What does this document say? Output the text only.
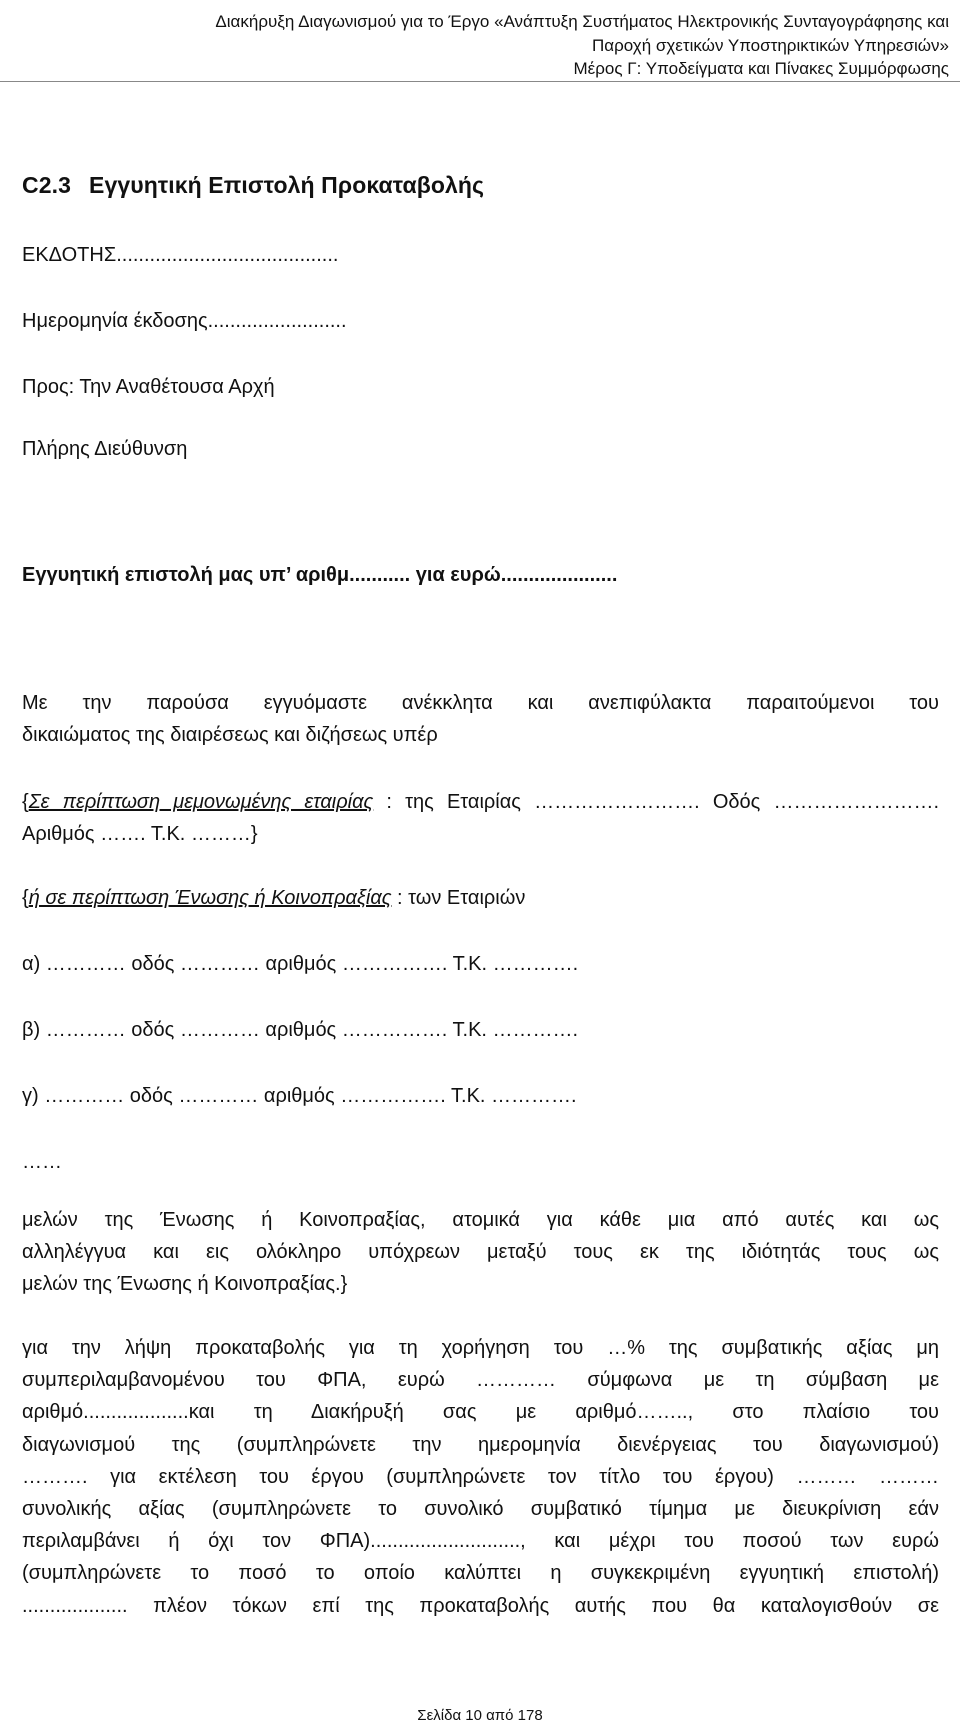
Διακήρυξη Διαγωνισμού για το Έργο «Ανάπτυξη Συστήματος Ηλεκτρονικής Συνταγογράφησης και
Παροχή σχετικών Υποστηρικτικών Υπηρεσιών»
Μέρος Γ: Υποδείγματα και Πίνακες Συμμόρφωσης
C2.3 Εγγυητική Επιστολή Προκαταβολής
ΕΚΔΟΤΗΣ........................................
Ημερομηνία έκδοσης.........................
Προς: Την Αναθέτουσα Αρχή
Πλήρης Διεύθυνση
Εγγυητική επιστολή μας υπ’ αριθμ........... για ευρώ.....................
Με την παρούσα εγγυόμαστε ανέκκλητα και ανεπιφύλακτα παραιτούμενοι του
δικαιώματος της διαιρέσεως και διζήσεως υπέρ
{Σε περίπτωση μεμονωμένης εταιρίας : της Εταιρίας ……………………. Οδός …………………….
Αριθμός ……. Τ.Κ. ………}
{ή σε περίπτωση Ένωσης ή Κοινοπραξίας : των Εταιριών
α) ………… οδός ………… αριθμός ……………. Τ.Κ. ………….
β) ………… οδός ………… αριθμός ……………. Τ.Κ. ………….
γ) ………… οδός ………… αριθμός ……………. Τ.Κ. ………….
……
μελών της Ένωσης ή Κοινοπραξίας, ατομικά για κάθε μια από αυτές και ως
αλληλέγγυα και εις ολόκληρο υπόχρεων μεταξύ τους εκ της ιδιότητάς τους ως
μελών της Ένωσης ή Κοινοπραξίας.}
για την λήψη προκαταβολής για τη χορήγηση του …% της συμβατικής αξίας μη
συμπεριλαμβανομένου του ΦΠΑ, ευρώ ………… σύμφωνα με τη σύμβαση με
αριθμό...................και τη Διακήρυξή σας με αριθμό…….., στο πλαίσιο του
διαγωνισμού της (συμπληρώνετε την ημερομηνία διενέργειας του διαγωνισμού)
………. για εκτέλεση του έργου (συμπληρώνετε τον τίτλο του έργου) ……… ………
συνολικής αξίας (συμπληρώνετε το συνολικό συμβατικό τίμημα με διευκρίνιση εάν
περιλαμβάνει ή όχι τον ΦΠΑ)..........................., και μέχρι του ποσού των ευρώ
(συμπληρώνετε το ποσό το οποίο καλύπτει η συγκεκριμένη εγγυητική επιστολή)
................... πλέον τόκων επί της προκαταβολής αυτής που θα καταλογισθούν σε
Σελίδα 10 από 178
